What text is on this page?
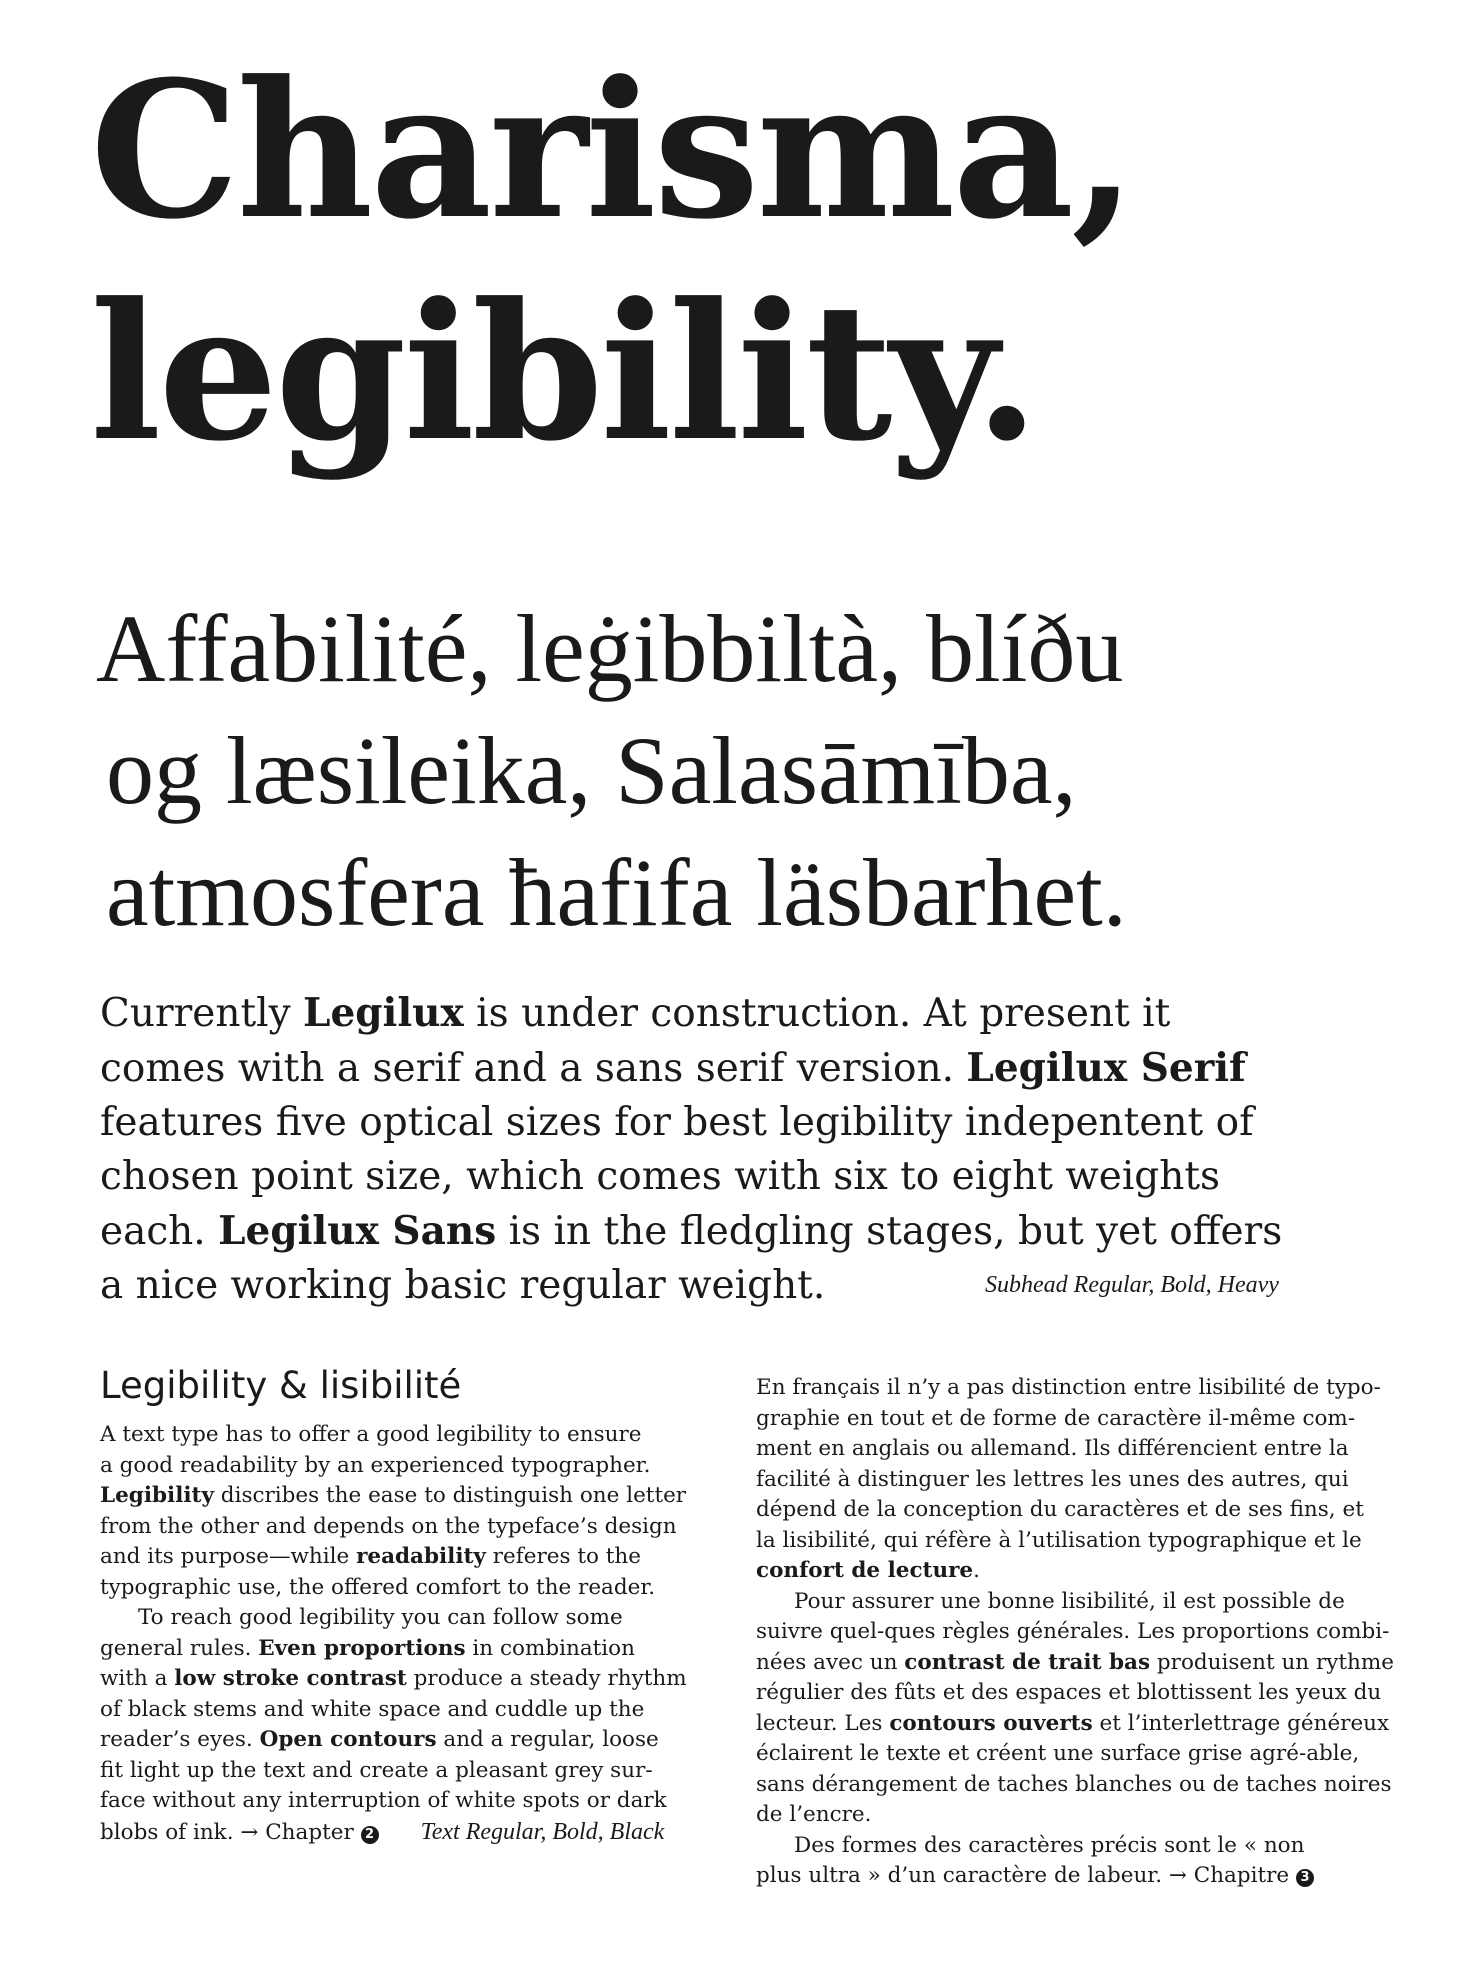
Charisma,
legibility.
Affabilité, leġibbiltà, blíðu
og læsileika, Salasāmība,
atmosfera ħafifa läsbarhet.
Currently Legilux is under construction. At present it
comes with a serif and a sans serif version. Legilux Serif
features five optical sizes for best legibility indepentent of
chosen point size, which comes with six to eight weights
each. Legilux Sans is in the fledgling stages, but yet offers
a nice working basic regular weight.	Subhead Regular, Bold, Heavy
Legibility & lisibilité
A text type has to offer a good legibility to ensure
a good readability by an experienced typographer.
Legibility discribes the ease to distinguish one letter
from the other and depends on the typeface’s design
and its purpose—while readability referes to the
typographic use, the offered comfort to the reader.
To reach good legibility you can follow some
general rules. Even proportions in combination
with a low stroke contrast produce a steady rhythm
of black stems and white space and cuddle up the
reader’s eyes. Open contours and a regular, loose
fit light up the text and create a pleasant grey sur-
face without any interruption of white spots or dark
blobs of ink. → Chapter 2 Text Regular, Bold, Black
En français il n’y a pas distinction entre lisibilité de typo-
graphie en tout et de forme de caractère il-même com-
ment en anglais ou allemand. Ils différencient entre la
facilité à distinguer les lettres les unes des autres, qui
dépend de la conception du caractères et de ses fins, et
la lisibilité, qui réfère à l’utilisation typographique et le
confort de lecture.
Pour assurer une bonne lisibilité, il est possible de
suivre quel-ques règles générales. Les proportions combi-
nées avec un contrast de trait bas produisent un rythme
régulier des fûts et des espaces et blottissent les yeux du
lecteur. Les contours ouverts et l’interlettrage généreux
éclairent le texte et créent une surface grise agré-able,
sans dérangement de taches blanches ou de taches noires
de l’encre.
Des formes des caractères précis sont le « non
plus ultra » d’un caractère de labeur. → Chapitre 3
